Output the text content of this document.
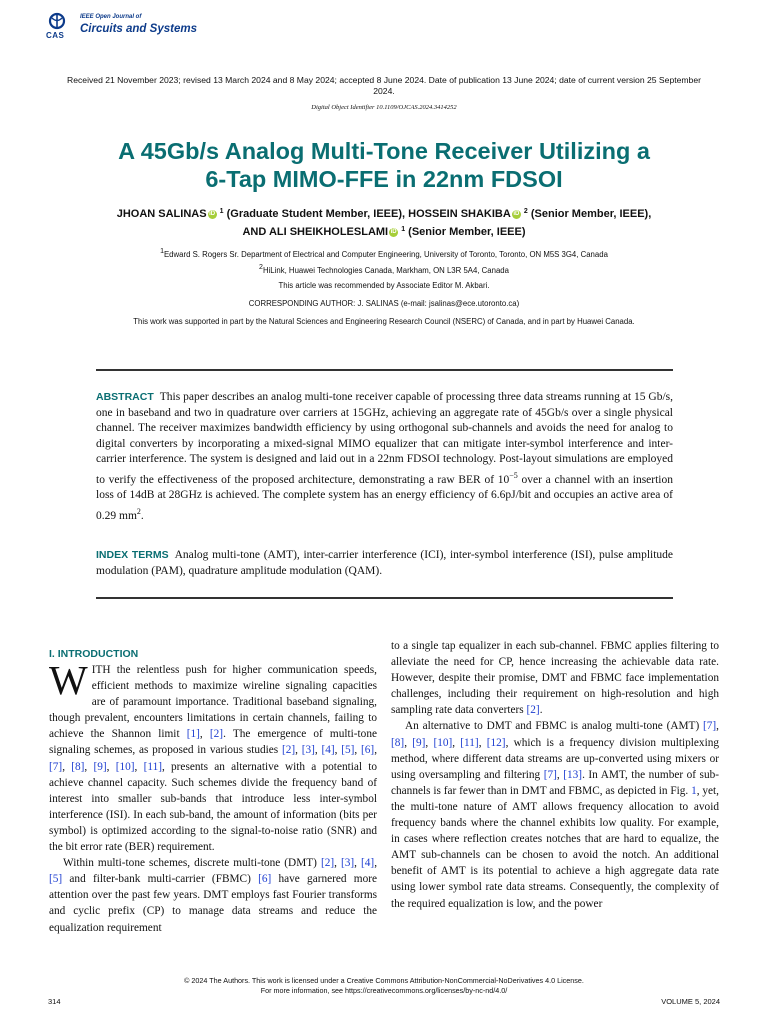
CAS
IEEE Open Journal of
Circuits and Systems
Received 21 November 2023; revised 13 March 2024 and 8 May 2024; accepted 8 June 2024. Date of publication 13 June 2024; date of current version 25 September 2024.
Digital Object Identifier 10.1109/OJCAS.2024.3414252
A 45Gb/s Analog Multi-Tone Receiver Utilizing a
6-Tap MIMO-FFE in 22nm FDSOI
JHOAN SALINAS iD $^1$ (Graduate Student Member, IEEE), HOSSEIN SHAKIBA iD $^2$ (Senior Member, IEEE),
AND ALI SHEIKHOLESLAMI iD $^1$ (Senior Member, IEEE)
1Edward S. Rogers Sr. Department of Electrical and Computer Engineering, University of Toronto, Toronto, ON M5S 3G4, Canada
2HiLink, Huawei Technologies Canada, Markham, ON L3R 5A4, Canada
This article was recommended by Associate Editor M. Akbari.
CORRESPONDING AUTHOR: J. SALINAS (e-mail: jsalinas@ece.utoronto.ca)
This work was supported in part by the Natural Sciences and Engineering Research Council (NSERC) of Canada, and in part by Huawei Canada.
ABSTRACT This paper describes an analog multi-tone receiver capable of processing three data streams running at 15 Gb/s, one in baseband and two in quadrature over carriers at 15GHz, achieving an aggregate rate of 45Gb/s over a single physical channel. The receiver maximizes bandwidth efficiency by using orthogonal sub-channels and avoids the need for analog to digital converters by incorporating a mixed-signal MIMO equalizer that can mitigate inter-symbol interference and inter-carrier interference. The system is designed and laid out in a 22nm FDSOI technology. Post-layout simulations are employed to verify the effectiveness of the proposed architecture, demonstrating a raw BER of $10^{-5}$ over a channel with an insertion loss of 14dB at 28GHz is achieved. The complete system has an energy efficiency of 6.6pJ/bit and occupies an active area of 0.29 $mm^2$.
INDEX TERMS Analog multi-tone (AMT), inter-carrier interference (ICI), inter-symbol interference (ISI), pulse amplitude modulation (PAM), quadrature amplitude modulation (QAM).
I. INTRODUCTION

WITH the relentless push for higher communication speeds, efficient methods to maximize wireline signaling capacities are of paramount importance. Traditional baseband signaling, though prevalent, encounters limitations in certain channels, failing to achieve the Shannon limit [1], [2]. The emergence of multi-tone signaling schemes, as proposed in various studies [2], [3], [4], [5], [6], [7], [8], [9], [10], [11], presents an alternative with a potential to achieve channel capacity. Such schemes divide the frequency band of interest into smaller sub-bands that introduce less inter-symbol interference (ISI). In each sub-band, the amount of information (bits per symbol) is optimized according to the signal-to-noise ratio (SNR) and the bit error rate (BER) requirement.

Within multi-tone schemes, discrete multi-tone (DMT) [2], [3], [4], [5] and filter-bank multi-carrier (FBMC) [6] have garnered more attention over the past few years. DMT employs fast Fourier transforms and cyclic prefix (CP) to manage data streams and reduce the equalization requirement

to a single tap equalizer in each sub-channel. FBMC applies filtering to alleviate the need for CP, hence increasing the achievable data rate. However, despite their promise, DMT and FBMC face implementation challenges, including their requirement on high-resolution and high sampling rate data converters [2].

An alternative to DMT and FBMC is analog multi-tone (AMT) [7], [8], [9], [10], [11], [12], which is a frequency division multiplexing method, where different data streams are up-converted using mixers or using oversampling and filtering [7], [13]. In AMT, the number of sub-channels is far fewer than in DMT and FBMC, as depicted in Fig. 1, yet, the multi-tone nature of AMT allows frequency allocation to avoid frequency bands where the channel exhibits low quality. For example, in cases where reflection creates notches that are hard to equalize, the AMT sub-channels can be chosen to avoid the notch. An additional benefit of AMT is its potential to achieve a high aggregate data rate using lower symbol rate data streams. Consequently, the complexity of the required equalization is low, and the power

© 2024 The Authors. This work is licensed under a Creative Commons Attribution-NonCommercial-NoDerivatives 4.0 License.
For more information, see https://creativecommons.org/licenses/by-nc-nd/4.0/
314	VOLUME 5, 2024
